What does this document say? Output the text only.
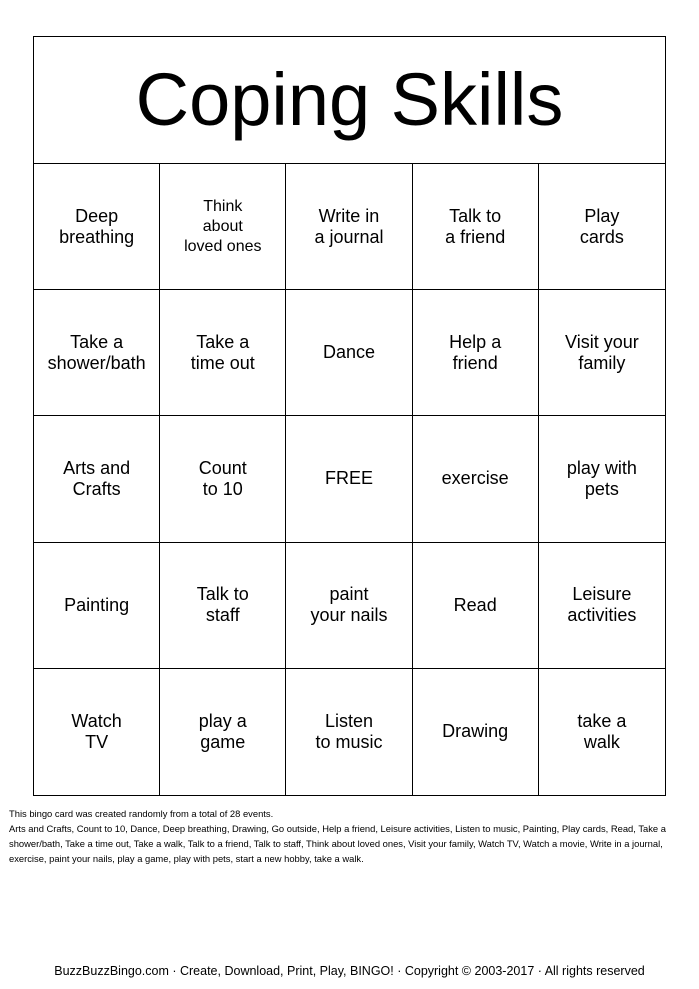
Coping Skills
Deep
breathing
Think
about
loved ones
Write in
a journal
Talk to
a friend
Play
cards
Take a
shower/bath
Take a
time out
Dance
Help a
friend
Visit your
family
Arts and
Crafts
Count
to 10
FREE	exercise
play with
pets
Painting
Talk to
staff
paint
your nails
Read
Leisure
activities
Watch
TV
play a
game
Listen
to music
Drawing
take a
walk
This bingo card was created randomly from a total of 28 events.
Arts and Crafts, Count to 10, Dance, Deep breathing, Drawing, Go outside, Help a friend, Leisure activities, Listen to music, Painting, Play cards, Read, Take a shower/bath, Take a time out, Take a walk, Talk to a friend, Talk to staff, Think about loved ones, Visit your family, Watch TV, Watch a movie, Write in a journal, exercise, paint your nails, play a game, play with pets, start a new hobby, take a walk.
BuzzBuzzBingo.com · Create, Download, Print, Play, BINGO! · Copyright © 2003-2017 · All rights reserved
